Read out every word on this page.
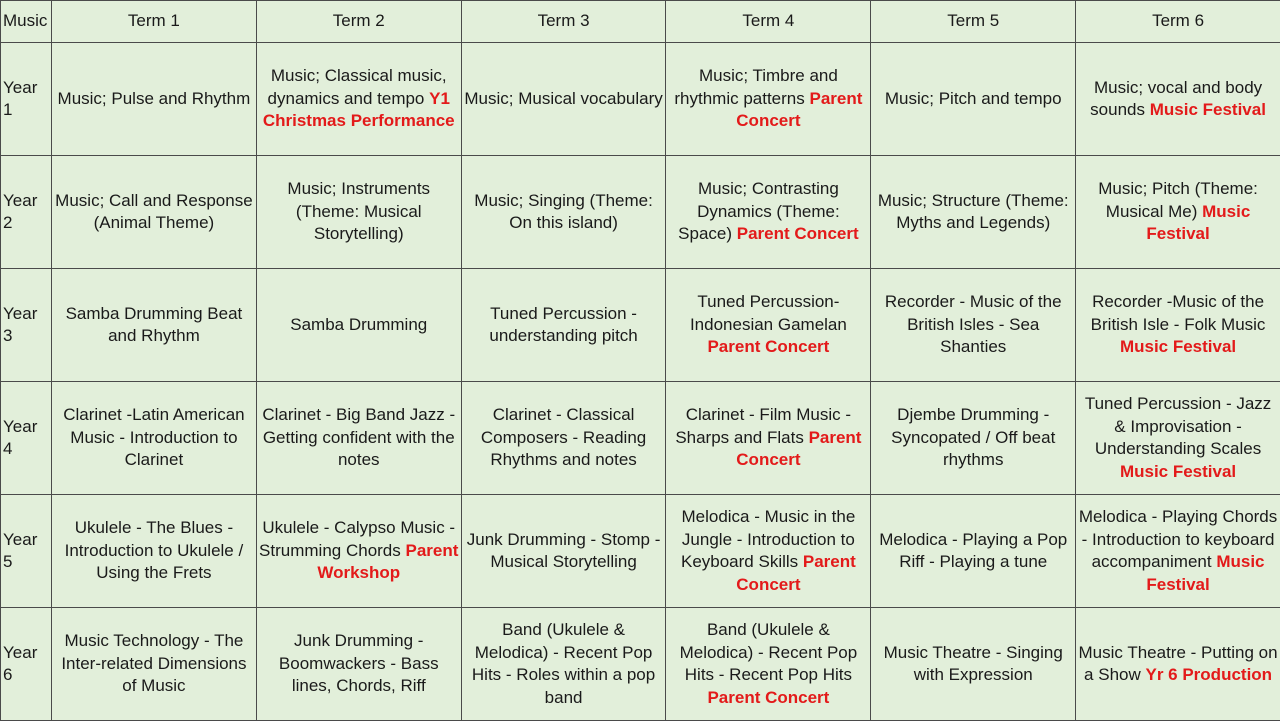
Music	Term 1	Term 2	Term 3	Term 4	Term 5	Term 6
Year 1	Music; Pulse and Rhythm	Music; Classical music, dynamics and tempo Y1 Christmas Performance	Music; Musical vocabulary	Music; Timbre and rhythmic patterns Parent Concert	Music; Pitch and tempo	Music; vocal and body sounds Music Festival
Year 2	Music; Call and Response (Animal Theme)	Music; Instruments (Theme: Musical Storytelling)	Music; Singing (Theme: On this island)	Music; Contrasting Dynamics (Theme: Space) Parent Concert	Music; Structure (Theme: Myths and Legends)	Music; Pitch (Theme: Musical Me) Music Festival
Year 3	Samba Drumming Beat and Rhythm	Samba Drumming	Tuned Percussion - understanding pitch	Tuned Percussion- Indonesian Gamelan Parent Concert	Recorder - Music of the British Isles - Sea Shanties	Recorder -Music of the British Isle - Folk Music Music Festival
Year 4	Clarinet -Latin American Music - Introduction to Clarinet	Clarinet - Big Band Jazz - Getting confident with the notes	Clarinet - Classical Composers - Reading Rhythms and notes	Clarinet - Film Music - Sharps and Flats Parent Concert	Djembe Drumming - Syncopated / Off beat rhythms	Tuned Percussion - Jazz & Improvisation - Understanding Scales Music Festival
Year 5	Ukulele - The Blues - Introduction to Ukulele / Using the Frets	Ukulele - Calypso Music - Strumming Chords Parent Workshop	Junk Drumming - Stomp - Musical Storytelling	Melodica - Music in the Jungle - Introduction to Keyboard Skills Parent Concert	Melodica - Playing a Pop Riff - Playing a tune	Melodica - Playing Chords - Introduction to keyboard accompaniment Music Festival
Year 6	Music Technology - The Inter-related Dimensions of Music	Junk Drumming - Boomwackers - Bass lines, Chords, Riff	Band (Ukulele & Melodica) - Recent Pop Hits - Roles within a pop band	Band (Ukulele & Melodica) - Recent Pop Hits - Recent Pop Hits Parent Concert	Music Theatre - Singing with Expression	Music Theatre - Putting on a Show Yr 6 Production
